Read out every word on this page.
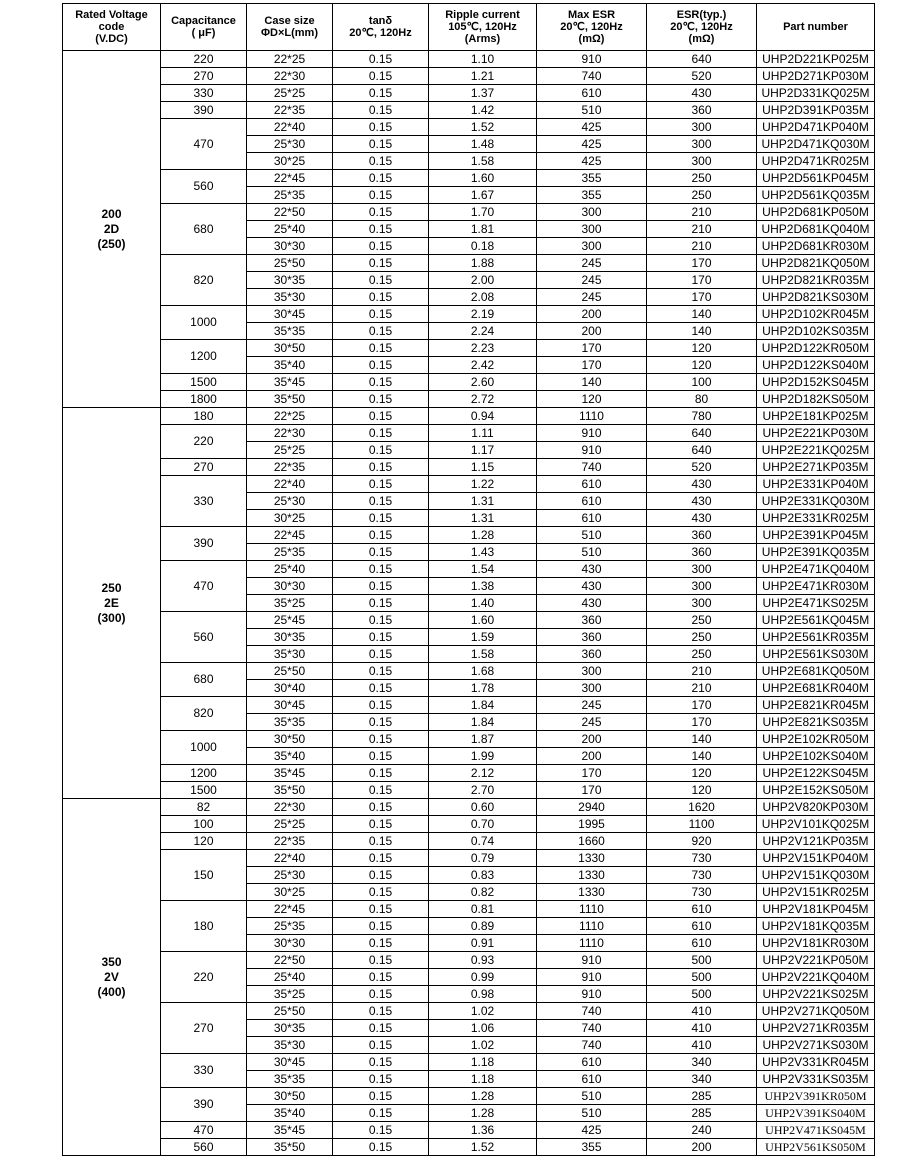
Rated Voltage
code
(V.DC)	Capacitance
( μF)	Case size
ΦD×L(mm)	tanδ
20℃, 120Hz	Ripple current
105℃, 120Hz
(Arms)	Max ESR
20℃, 120Hz
(mΩ)	ESR(typ.)
20℃, 120Hz
(mΩ)	Part number

200
2D
(250)	220	22*25	0.15	1.10	910	640	UHP2D221KP025M
	270	22*30	0.15	1.21	740	520	UHP2D271KP030M
	330	25*25	0.15	1.37	610	430	UHP2D331KQ025M
	390	22*35	0.15	1.42	510	360	UHP2D391KP035M
	470	22*40	0.15	1.52	425	300	UHP2D471KP040M
		25*30	0.15	1.48	425	300	UHP2D471KQ030M
		30*25	0.15	1.58	425	300	UHP2D471KR025M
	560	22*45	0.15	1.60	355	250	UHP2D561KP045M
		25*35	0.15	1.67	355	250	UHP2D561KQ035M
	680	22*50	0.15	1.70	300	210	UHP2D681KP050M
		25*40	0.15	1.81	300	210	UHP2D681KQ040M
		30*30	0.15	0.18	300	210	UHP2D681KR030M
	820	25*50	0.15	1.88	245	170	UHP2D821KQ050M
		30*35	0.15	2.00	245	170	UHP2D821KR035M
		35*30	0.15	2.08	245	170	UHP2D821KS030M
	1000	30*45	0.15	2.19	200	140	UHP2D102KR045M
		35*35	0.15	2.24	200	140	UHP2D102KS035M
	1200	30*50	0.15	2.23	170	120	UHP2D122KR050M
		35*40	0.15	2.42	170	120	UHP2D122KS040M
	1500	35*45	0.15	2.60	140	100	UHP2D152KS045M
	1800	35*50	0.15	2.72	120	80	UHP2D182KS050M

250
2E
(300)	180	22*25	0.15	0.94	1110	780	UHP2E181KP025M
	220	22*30	0.15	1.11	910	640	UHP2E221KP030M
		25*25	0.15	1.17	910	640	UHP2E221KQ025M
	270	22*35	0.15	1.15	740	520	UHP2E271KP035M
	330	22*40	0.15	1.22	610	430	UHP2E331KP040M
		25*30	0.15	1.31	610	430	UHP2E331KQ030M
		30*25	0.15	1.31	610	430	UHP2E331KR025M
	390	22*45	0.15	1.28	510	360	UHP2E391KP045M
		25*35	0.15	1.43	510	360	UHP2E391KQ035M
	470	25*40	0.15	1.54	430	300	UHP2E471KQ040M
		30*30	0.15	1.38	430	300	UHP2E471KR030M
		35*25	0.15	1.40	430	300	UHP2E471KS025M
	560	25*45	0.15	1.60	360	250	UHP2E561KQ045M
		30*35	0.15	1.59	360	250	UHP2E561KR035M
		35*30	0.15	1.58	360	250	UHP2E561KS030M
	680	25*50	0.15	1.68	300	210	UHP2E681KQ050M
		30*40	0.15	1.78	300	210	UHP2E681KR040M
	820	30*45	0.15	1.84	245	170	UHP2E821KR045M
		35*35	0.15	1.84	245	170	UHP2E821KS035M
	1000	30*50	0.15	1.87	200	140	UHP2E102KR050M
		35*40	0.15	1.99	200	140	UHP2E102KS040M
	1200	35*45	0.15	2.12	170	120	UHP2E122KS045M
	1500	35*50	0.15	2.70	170	120	UHP2E152KS050M

350
2V
(400)	82	22*30	0.15	0.60	2940	1620	UHP2V820KP030M
	100	25*25	0.15	0.70	1995	1100	UHP2V101KQ025M
	120	22*35	0.15	0.74	1660	920	UHP2V121KP035M
	150	22*40	0.15	0.79	1330	730	UHP2V151KP040M
		25*30	0.15	0.83	1330	730	UHP2V151KQ030M
		30*25	0.15	0.82	1330	730	UHP2V151KR025M
	180	22*45	0.15	0.81	1110	610	UHP2V181KP045M
		25*35	0.15	0.89	1110	610	UHP2V181KQ035M
		30*30	0.15	0.91	1110	610	UHP2V181KR030M
	220	22*50	0.15	0.93	910	500	UHP2V221KP050M
		25*40	0.15	0.99	910	500	UHP2V221KQ040M
		35*25	0.15	0.98	910	500	UHP2V221KS025M
	270	25*50	0.15	1.02	740	410	UHP2V271KQ050M
		30*35	0.15	1.06	740	410	UHP2V271KR035M
		35*30	0.15	1.02	740	410	UHP2V271KS030M
	330	30*45	0.15	1.18	610	340	UHP2V331KR045M
		35*35	0.15	1.18	610	340	UHP2V331KS035M
	390	30*50	0.15	1.28	510	285	UHP2V391KR050M
		35*40	0.15	1.28	510	285	UHP2V391KS040M
	470	35*45	0.15	1.36	425	240	UHP2V471KS045M
	560	35*50	0.15	1.52	355	200	UHP2V561KS050M
